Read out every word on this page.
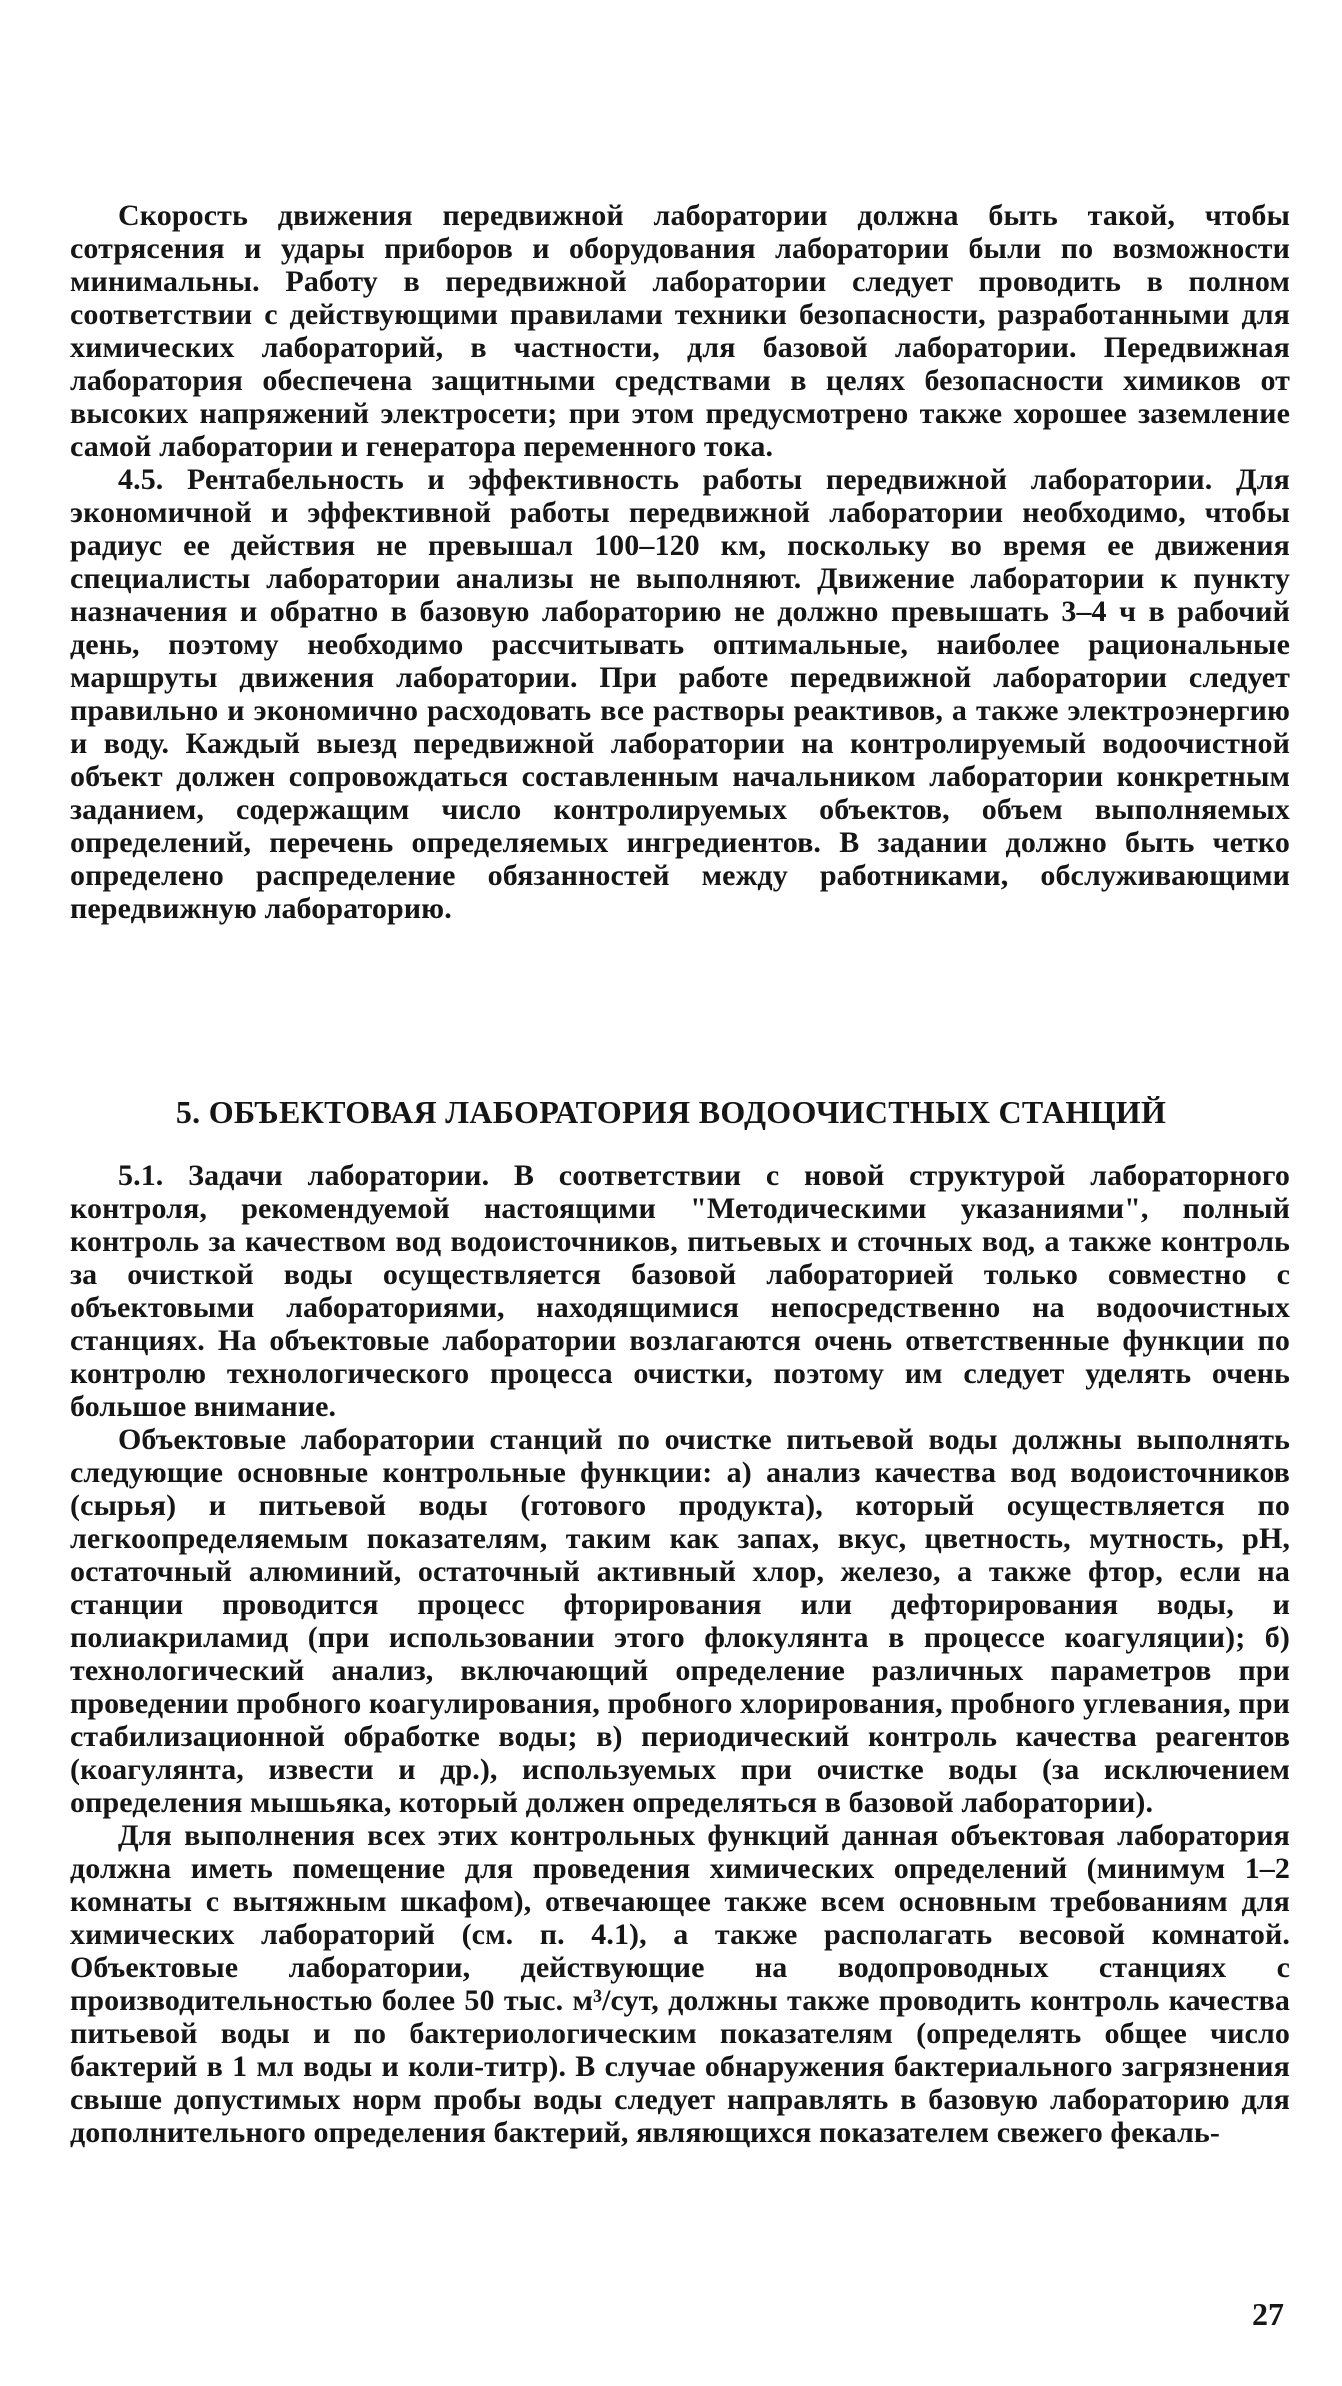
Скорость движения передвижной лаборатории должна быть такой, чтобы сотрясения и удары приборов и оборудования лаборатории были по возможности минимальны. Работу в передвижной лаборатории следует проводить в полном соответствии с действующими правилами техники безопасности, разработанными для химических лабораторий, в частности, для базовой лаборатории. Передвижная лаборатория обеспечена защитными средствами в целях безопасности химиков от высоких напряжений электросети; при этом предусмотрено также хорошее заземление самой лаборатории и генератора переменного тока.

4.5. Рентабельность и эффективность работы передвижной лаборатории. Для экономичной и эффективной работы передвижной лаборатории необходимо, чтобы радиус ее действия не превышал 100–120 км, поскольку во время ее движения специалисты лаборатории анализы не выполняют. Движение лаборатории к пункту назначения и обратно в базовую лабораторию не должно превышать 3–4 ч в рабочий день, поэтому необходимо рассчитывать оптимальные, наиболее рациональные маршруты движения лаборатории. При работе передвижной лаборатории следует правильно и экономично расходовать все растворы реактивов, а также электроэнергию и воду. Каждый выезд передвижной лаборатории на контролируемый водоочистной объект должен сопровождаться составленным начальником лаборатории конкретным заданием, содержащим число контролируемых объектов, объем выполняемых определений, перечень определяемых ингредиентов. В задании должно быть четко определено распределение обязанностей между работниками, обслуживающими передвижную лабораторию.

5. ОБЪЕКТОВАЯ ЛАБОРАТОРИЯ ВОДООЧИСТНЫХ СТАНЦИЙ

5.1. Задачи лаборатории. В соответствии с новой структурой лабораторного контроля, рекомендуемой настоящими "Методическими указаниями", полный контроль за качеством вод водоисточников, питьевых и сточных вод, а также контроль за очисткой воды осуществляется базовой лабораторией только совместно с объектовыми лабораториями, находящимися непосредственно на водоочистных станциях. На объектовые лаборатории возлагаются очень ответственные функции по контролю технологического процесса очистки, поэтому им следует уделять очень большое внимание.

Объектовые лаборатории станций по очистке питьевой воды должны выполнять следующие основные контрольные функции: а) анализ качества вод водоисточников (сырья) и питьевой воды (готового продукта), который осуществляется по легкоопределяемым показателям, таким как запах, вкус, цветность, мутность, pH, остаточный алюминий, остаточный активный хлор, железо, а также фтор, если на станции проводится процесс фторирования или дефторирования воды, и полиакриламид (при использовании этого флокулянта в процессе коагуляции); б) технологический анализ, включающий определение различных параметров при проведении пробного коагулирования, пробного хлорирования, пробного углевания, при стабилизационной обработке воды; в) периодический контроль качества реагентов (коагулянта, извести и др.), используемых при очистке воды (за исключением определения мышьяка, который должен определяться в базовой лаборатории).

Для выполнения всех этих контрольных функций данная объектовая лаборатория должна иметь помещение для проведения химических определений (минимум 1–2 комнаты с вытяжным шкафом), отвечающее также всем основным требованиям для химических лабораторий (см. п. 4.1), а также располагать весовой комнатой. Объектовые лаборатории, действующие на водопроводных станциях с производительностью более 50 тыс. м³/сут, должны также проводить контроль качества питьевой воды и по бактериологическим показателям (определять общее число бактерий в 1 мл воды и коли-титр). В случае обнаружения бактериального загрязнения свыше допустимых норм пробы воды следует направлять в базовую лабораторию для дополнительного определения бактерий, являющихся показателем свежего фекаль-

27
